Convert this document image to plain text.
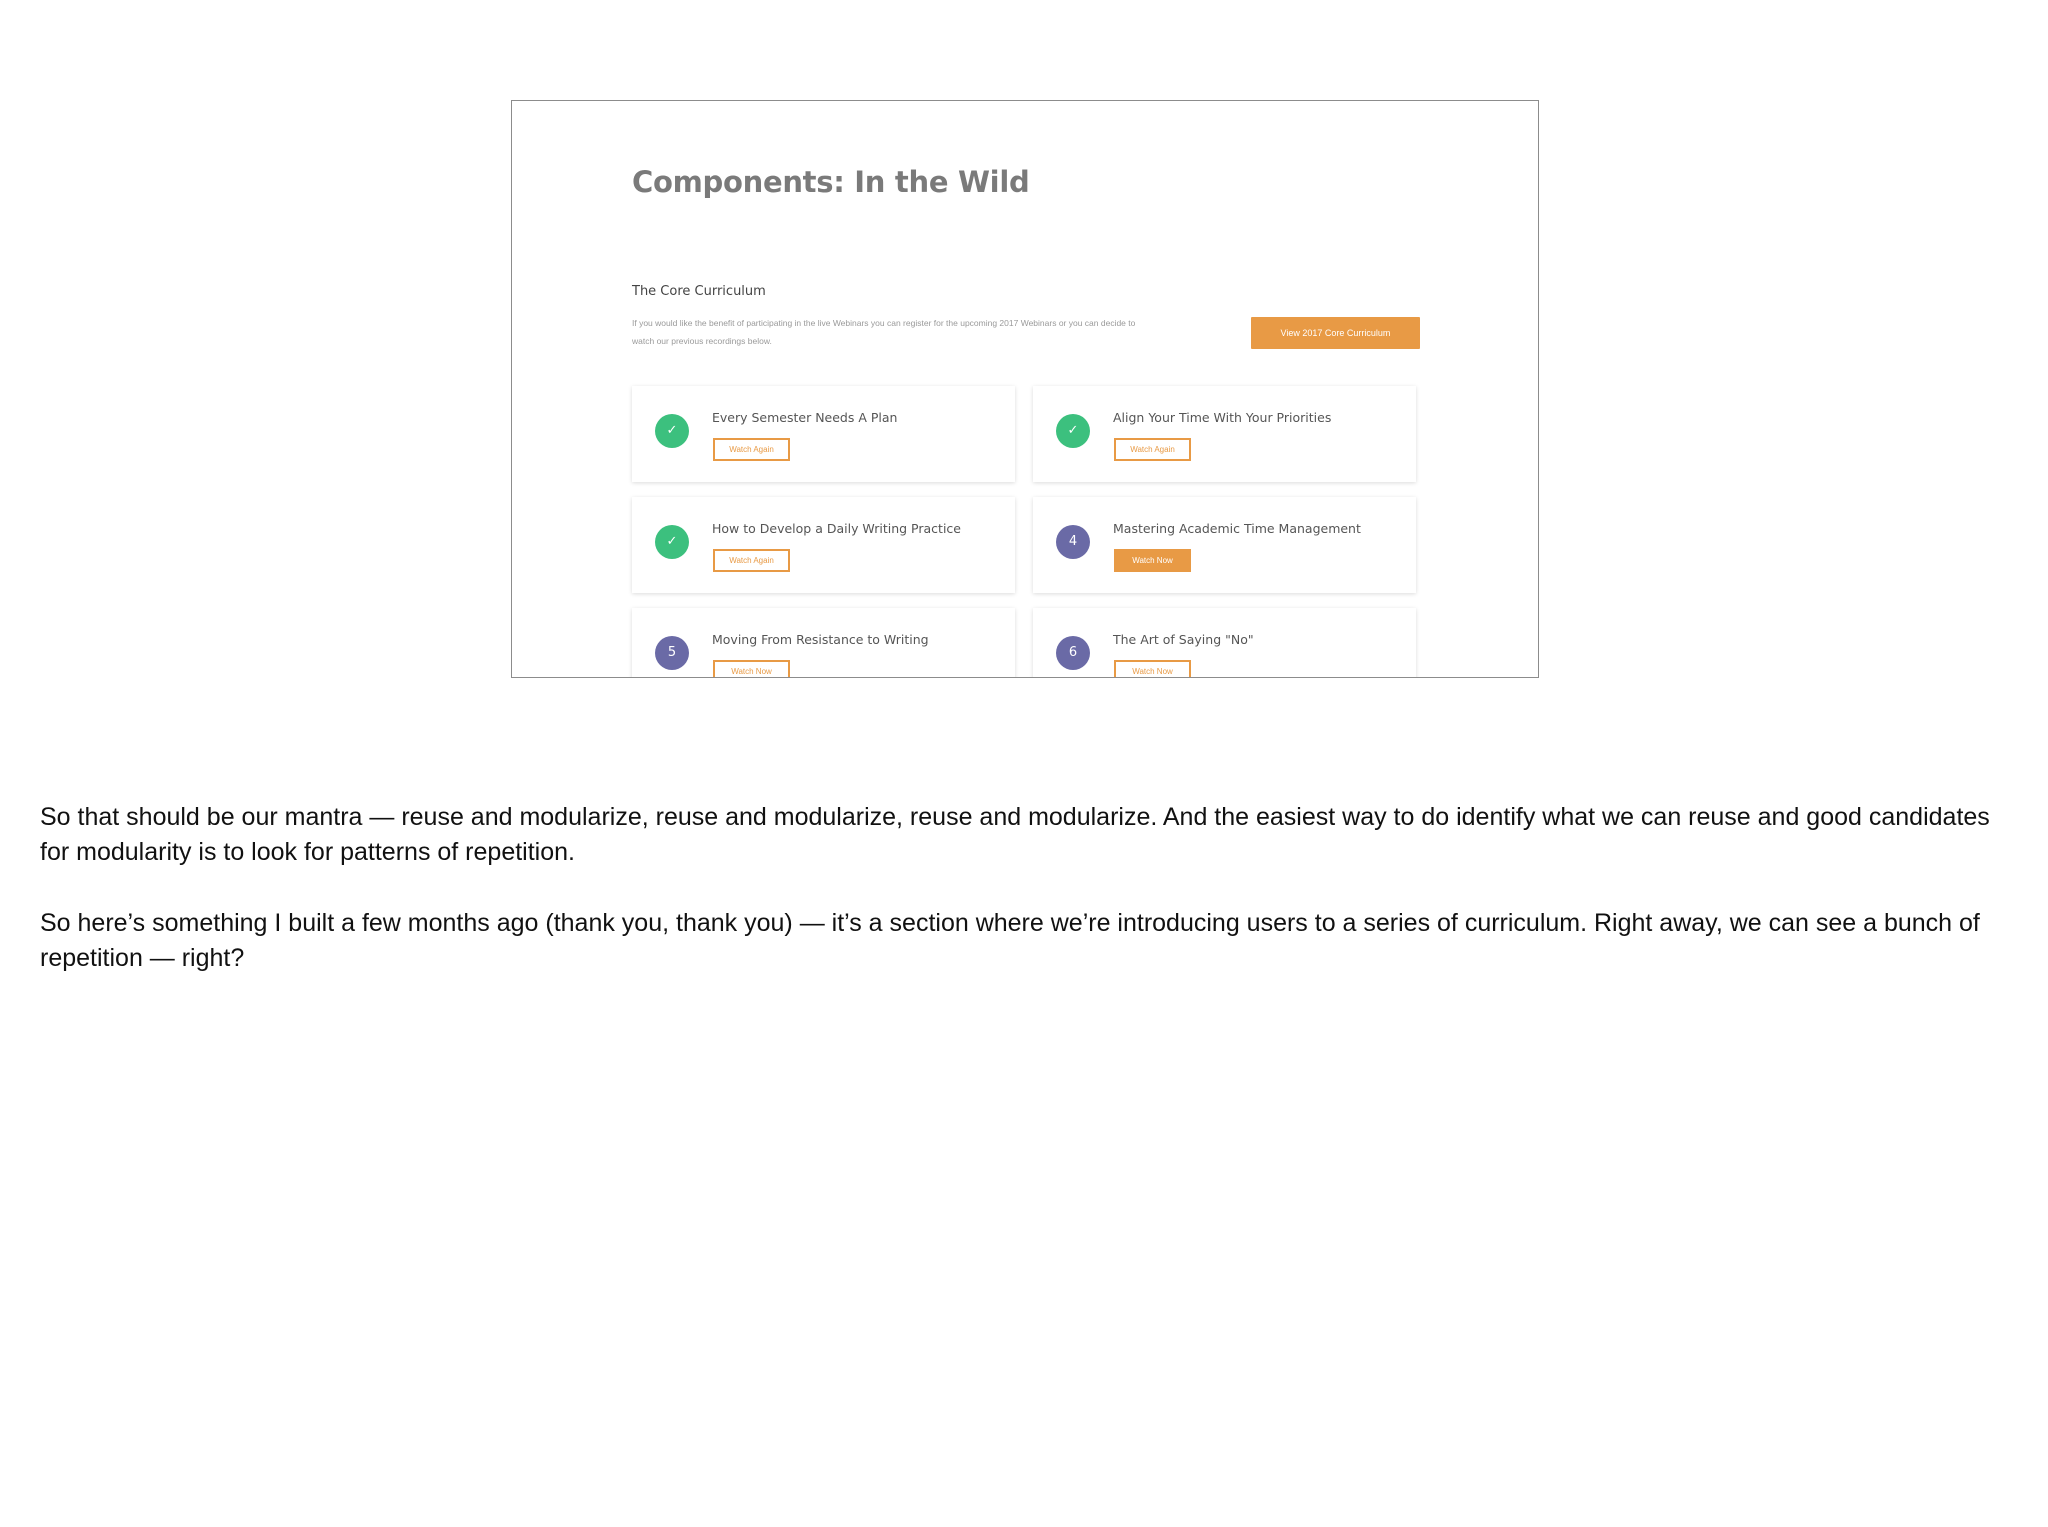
Components: In the Wild
The Core Curriculum
If you would like the benefit of participating in the live Webinars you can register for the upcoming 2017 Webinars or you can decide to watch our previous recordings below.
View 2017 Core Curriculum
✓
Every Semester Needs A Plan
Watch Again
✓
Align Your Time With Your Priorities
Watch Again
✓
How to Develop a Daily Writing Practice
Watch Again
4
Mastering Academic Time Management
Watch Now
5
Moving From Resistance to Writing
Watch Now
6
The Art of Saying "No"
Watch Now

So that should be our mantra — reuse and modularize, reuse and modularize, reuse and modularize. And the easiest way to do identify what we can reuse and good candidates for modularity is to look for patterns of repetition.

So here’s something I built a few months ago (thank you, thank you) — it’s a section where we’re introducing users to a series of curriculum. Right away, we can see a bunch of repetition — right?
